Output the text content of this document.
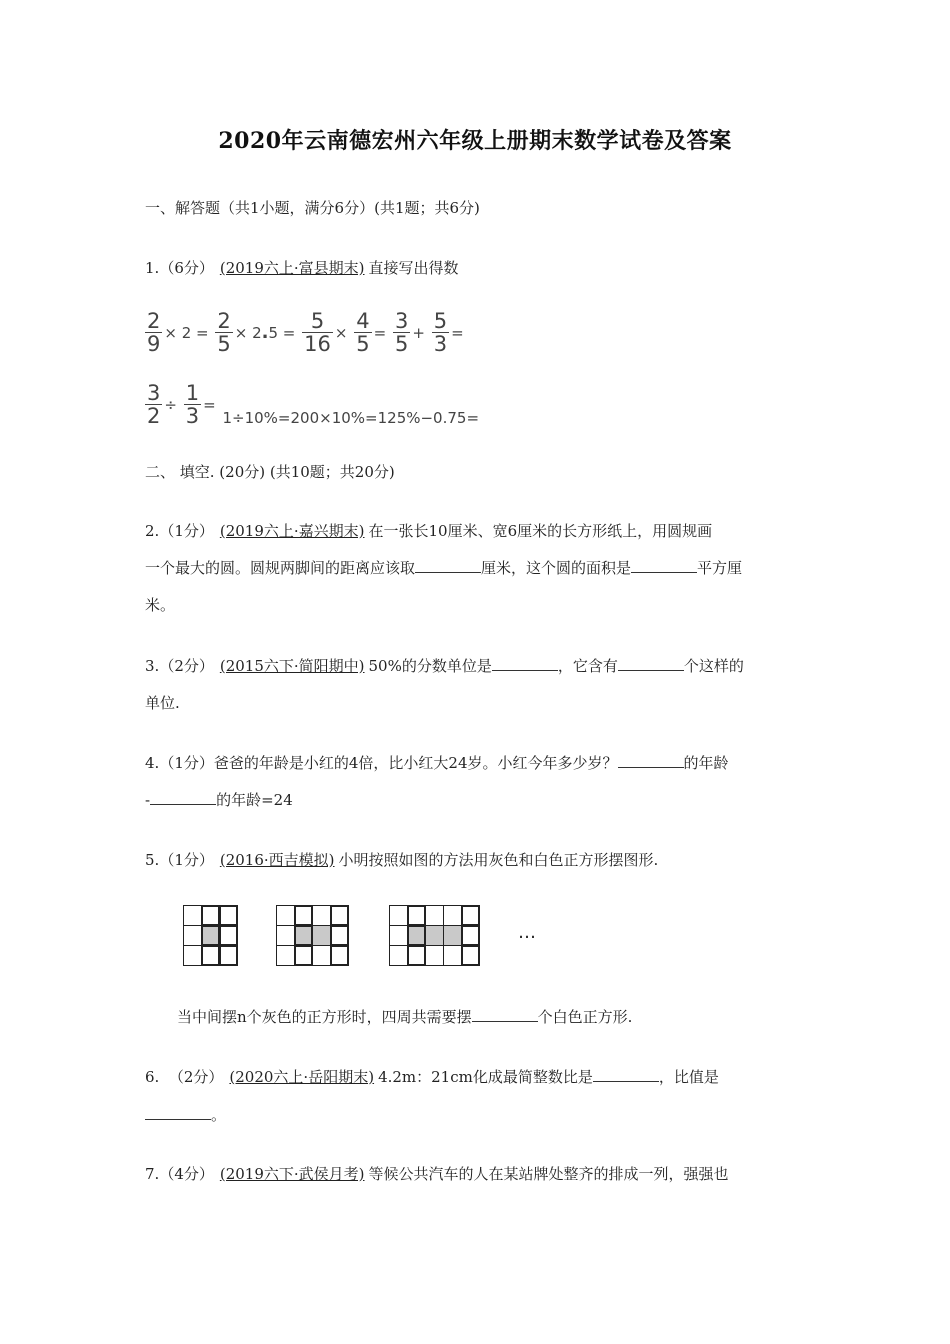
2020年云南德宏州六年级上册期末数学试卷及答案
一、解答题（共1小题，满分6分）(共1题；共6分)
1.（6分） (2019六上·富县期末) 直接写出得数
$\frac{2}{9} \times 2 = \frac{2}{5} \times 2.5 = \frac{5}{16} \times \frac{4}{5} = \frac{3}{5} + \frac{5}{3}$ =
$\frac{3}{2} \div \frac{1}{3} = 1\div 10\%=200\times 10\%=125\%-0.75=$
二、 填空. (20分) (共10题；共20分)
2.（1分） (2019六上·嘉兴期末) 在一张长10厘米、宽6厘米的长方形纸上，用圆规画
一个最大的圆。圆规两脚间的距离应该取	厘米，这个圆的面积是	平方厘
米。
3.（2分） (2015六下·简阳期中) 50%的分数单位是	，它含有	个这样的
单位.
4.（1分）爸爸的年龄是小红的4倍，比小红大24岁。小红今年多少岁？	的年龄
-	的年龄=24
5.（1分） (2016·西吉模拟) 小明按照如图的方法用灰色和白色正方形摆图形.
…
当中间摆n个灰色的正方形时，四周共需要摆	个白色正方形.
6. （2分） (2020六上·岳阳期末) 4.2m：21cm化成最简整数比是	，比值是
。
7.（4分） (2019六下·武侯月考) 等候公共汽车的人在某站牌处整齐的排成一列，强强也
